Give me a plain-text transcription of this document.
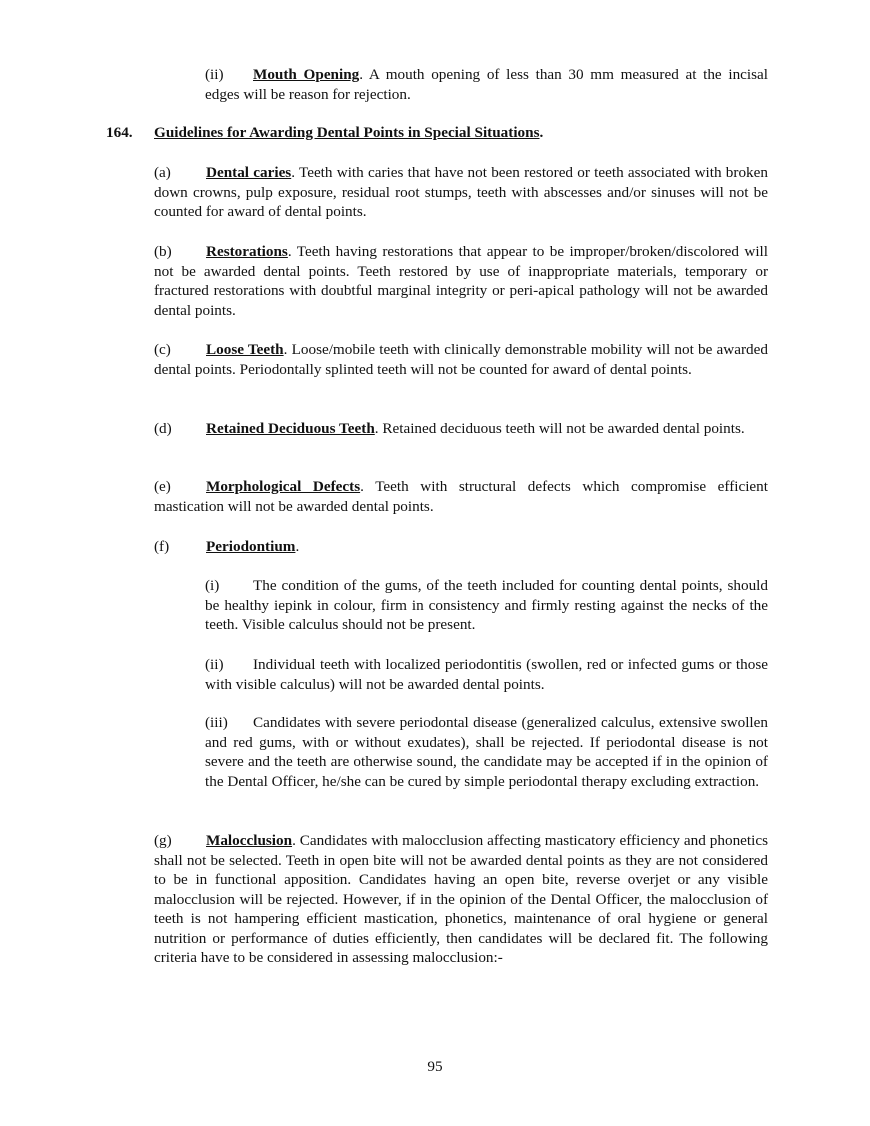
(ii) Mouth Opening. A mouth opening of less than 30 mm measured at the incisal edges will be reason for rejection.

164. Guidelines for Awarding Dental Points in Special Situations.

(a) Dental caries. Teeth with caries that have not been restored or teeth associated with broken down crowns, pulp exposure, residual root stumps, teeth with abscesses and/or sinuses will not be counted for award of dental points.

(b) Restorations. Teeth having restorations that appear to be improper/broken/discolored will not be awarded dental points. Teeth restored by use of inappropriate materials, temporary or fractured restorations with doubtful marginal integrity or peri-apical pathology will not be awarded dental points.

(c) Loose Teeth. Loose/mobile teeth with clinically demonstrable mobility will not be awarded dental points. Periodontally splinted teeth will not be counted for award of dental points.

(d) Retained Deciduous Teeth. Retained deciduous teeth will not be awarded dental points.

(e) Morphological Defects. Teeth with structural defects which compromise efficient mastication will not be awarded dental points.

(f) Periodontium.

(i) The condition of the gums, of the teeth included for counting dental points, should be healthy iepink in colour, firm in consistency and firmly resting against the necks of the teeth. Visible calculus should not be present.

(ii) Individual teeth with localized periodontitis (swollen, red or infected gums or those with visible calculus) will not be awarded dental points.

(iii) Candidates with severe periodontal disease (generalized calculus, extensive swollen and red gums, with or without exudates), shall be rejected. If periodontal disease is not severe and the teeth are otherwise sound, the candidate may be accepted if in the opinion of the Dental Officer, he/she can be cured by simple periodontal therapy excluding extraction.

(g) Malocclusion. Candidates with malocclusion affecting masticatory efficiency and phonetics shall not be selected. Teeth in open bite will not be awarded dental points as they are not considered to be in functional apposition. Candidates having an open bite, reverse overjet or any visible malocclusion will be rejected. However, if in the opinion of the Dental Officer, the malocclusion of teeth is not hampering efficient mastication, phonetics, maintenance of oral hygiene or general nutrition or performance of duties efficiently, then candidates will be declared fit. The following criteria have to be considered in assessing malocclusion:-

95
